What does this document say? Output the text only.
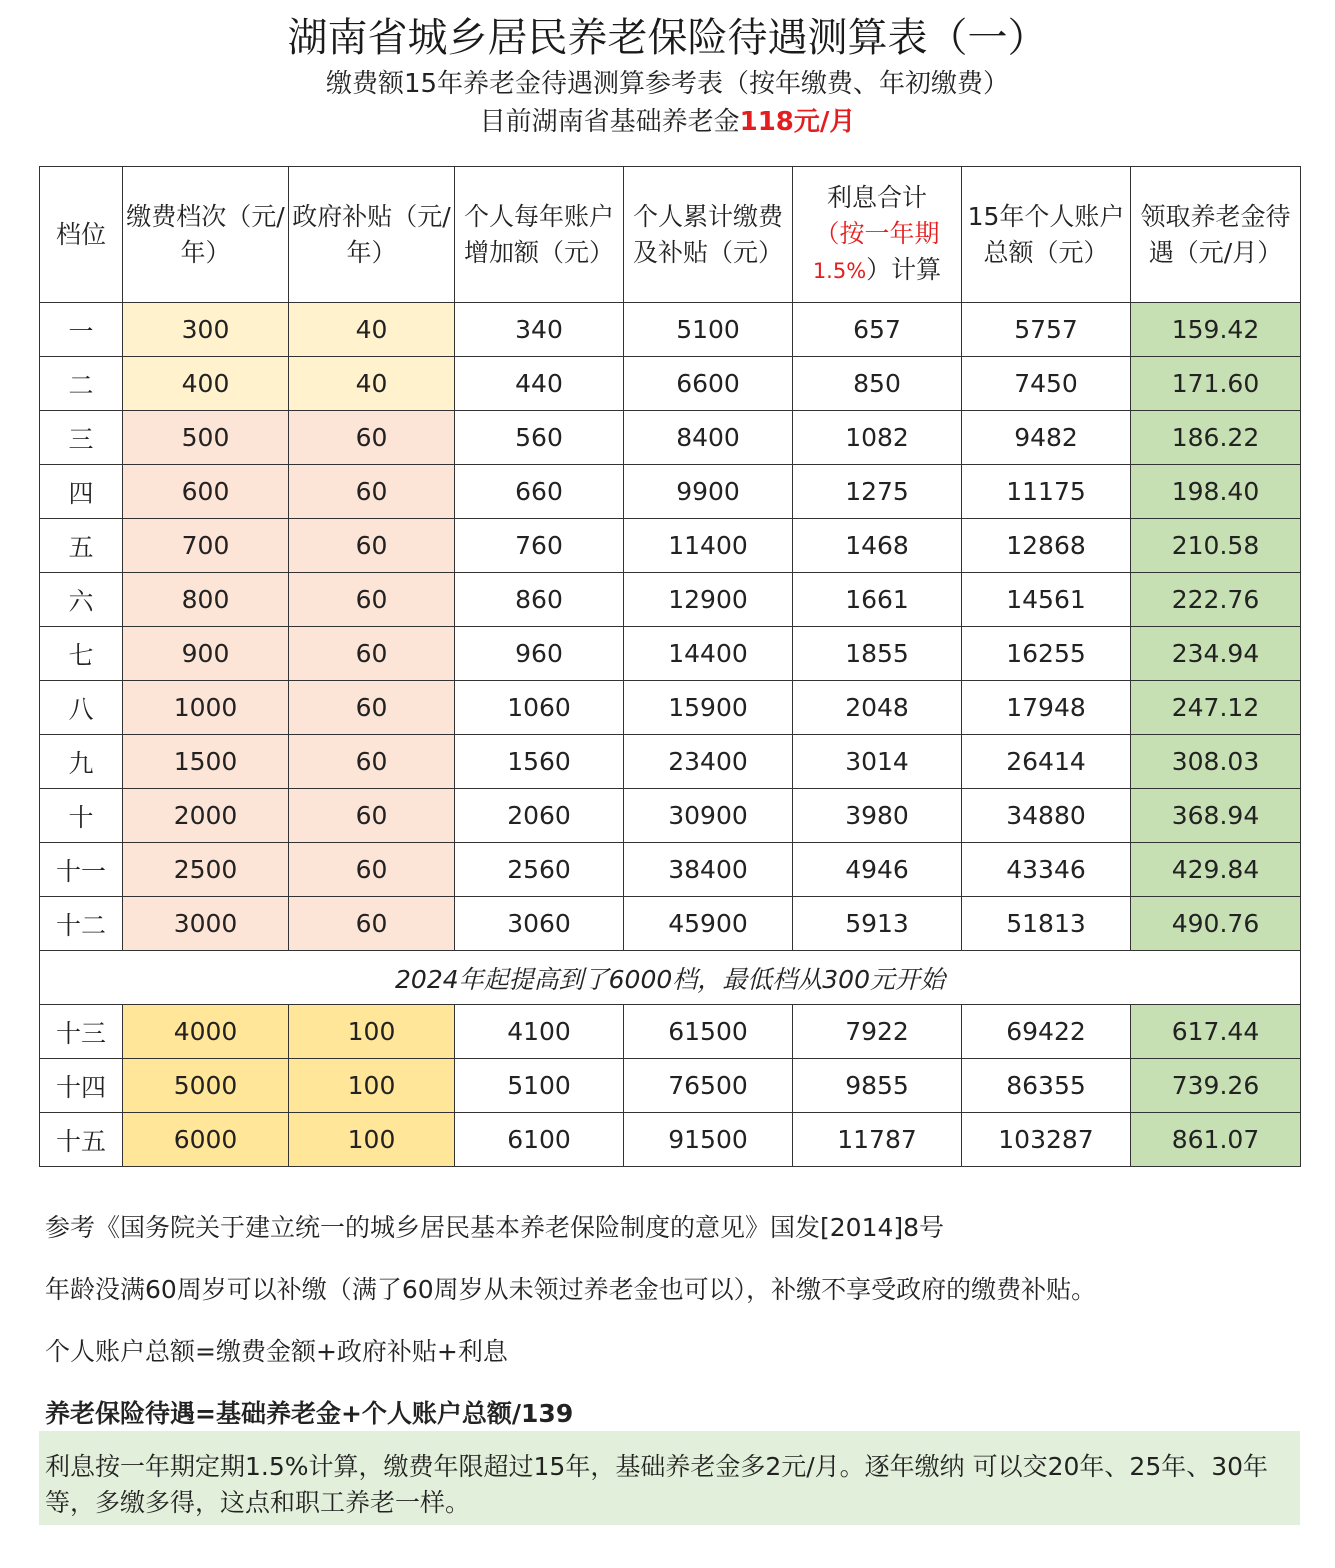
湖南省城乡居民养老保险待遇测算表（一）
缴费额15年养老金待遇测算参考表（按年缴费、年初缴费）
目前湖南省基础养老金118元/月
档位	缴费档次（元/年）	政府补贴（元/年）	个人每年账户增加额（元）	个人累计缴费及补贴（元）	利息合计
（按一年期
1.5%）计算	15年个人账户总额（元）	领取养老金待遇（元/月）
一	300	40	340	5100	657	5757	159.42
二	400	40	440	6600	850	7450	171.60
三	500	60	560	8400	1082	9482	186.22
四	600	60	660	9900	1275	11175	198.40
五	700	60	760	11400	1468	12868	210.58
六	800	60	860	12900	1661	14561	222.76
七	900	60	960	14400	1855	16255	234.94
八	1000	60	1060	15900	2048	17948	247.12
九	1500	60	1560	23400	3014	26414	308.03
十	2000	60	2060	30900	3980	34880	368.94
十一	2500	60	2560	38400	4946	43346	429.84
十二	3000	60	3060	45900	5913	51813	490.76
2024年起提高到了6000档，最低档从300元开始							
十三	4000	100	4100	61500	7922	69422	617.44
十四	5000	100	5100	76500	9855	86355	739.26
十五	6000	100	6100	91500	11787	103287	861.07
参考《国务院关于建立统一的城乡居民基本养老保险制度的意见》国发[2014]8号
年龄没满60周岁可以补缴（满了60周岁从未领过养老金也可以），补缴不享受政府的缴费补贴。
个人账户总额=缴费金额+政府补贴+利息
养老保险待遇=基础养老金+个人账户总额/139
利息按一年期定期1.5%计算，缴费年限超过15年，基础养老金多2元/月。逐年缴纳 可以交20年、25年、30年等，多缴多得，这点和职工养老一样。
